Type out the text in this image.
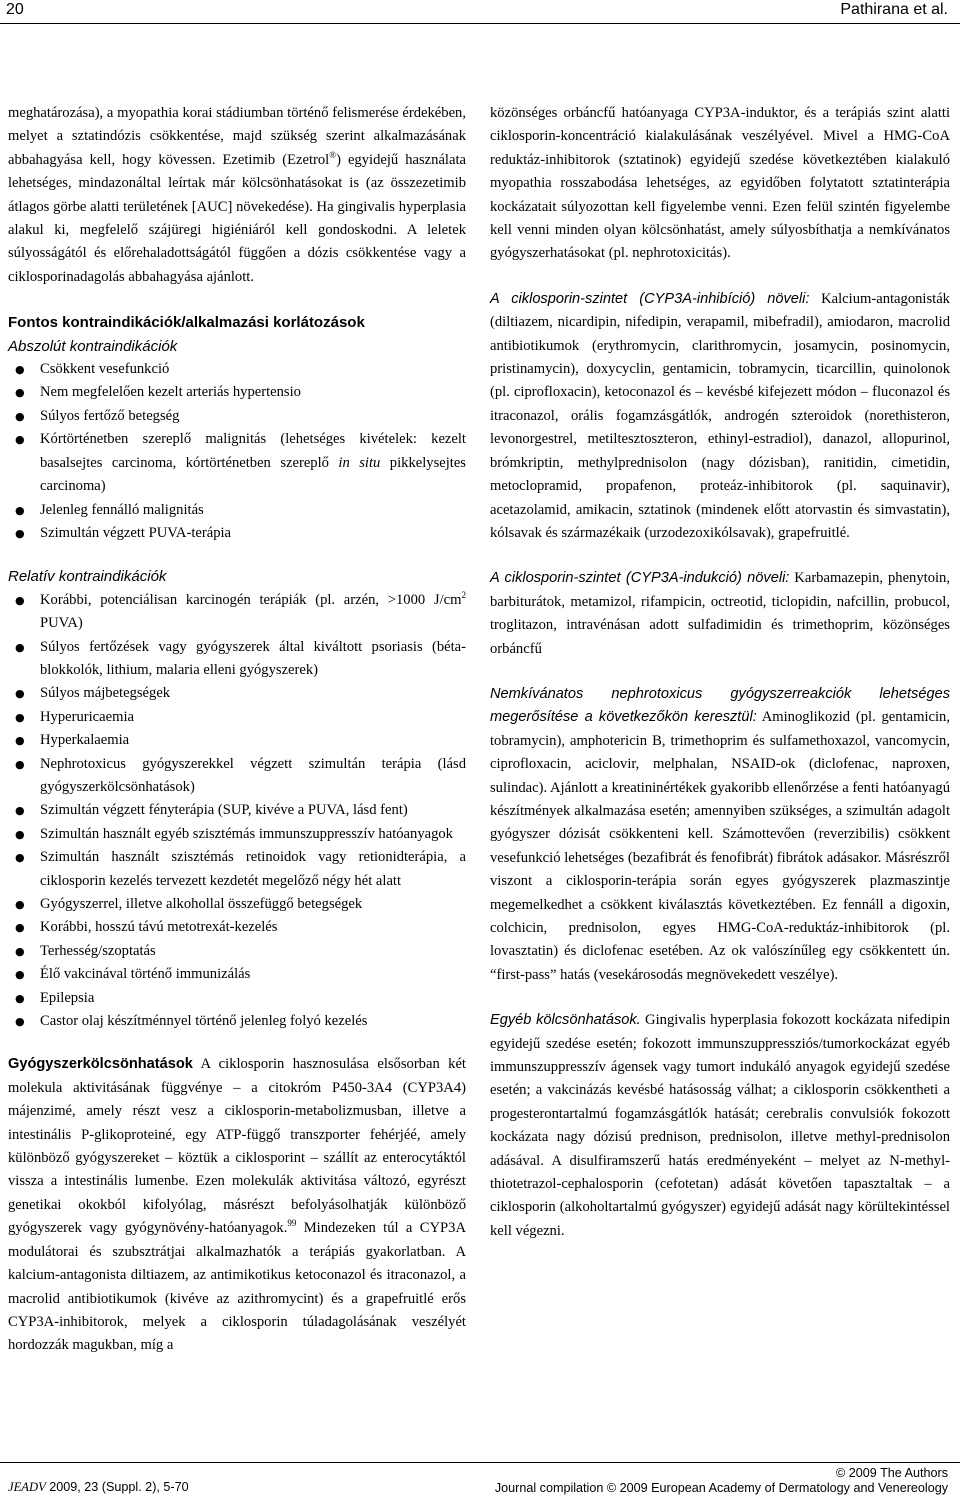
20	Pathirana et al.

meghatározása), a myopathia korai stádiumban történő felismerése érdekében, melyet a sztatindózis csökkentése, majd szükség szerint alkalmazásának abbahagyása kell, hogy kövessen. Ezetimib (Ezetrol®) egyidejű használata lehetséges, mindazonáltal leírtak már kölcsönhatásokat is (az összezetimib átlagos görbe alatti területének [AUC] növekedése). Ha gingivalis hyperplasia alakul ki, megfelelő szájüregi higiéniáról kell gondoskodni. A leletek súlyosságától és előrehaladottságától függően a dózis csökkentése vagy a ciklosporinadagolás abbahagyása ajánlott.

Fontos kontraindikációk/alkalmazási korlátozások

Abszolút kontraindikációk

● Csökkent vesefunkció
● Nem megfelelően kezelt arteriás hypertensio
● Súlyos fertőző betegség
● Kórtörténetben szereplő malignitás (lehetséges kivételek: kezelt basalsejtes carcinoma, kórtörténetben szereplő in situ pikkelysejtes carcinoma)
● Jelenleg fennálló malignitás
● Szimultán végzett PUVA-terápia

Relatív kontraindikációk

● Korábbi, potenciálisan karcinogén terápiák (pl. arzén, >1000 $J/cm^2$ PUVA)
● Súlyos fertőzések vagy gyógyszerek által kiváltott psoriasis (béta-blokkolók, lithium, malaria elleni gyógyszerek)
● Súlyos májbetegségek
● Hyperuricaemia
● Hyperkalaemia
● Nephrotoxicus gyógyszerekkel végzett szimultán terápia (lásd gyógyszerkölcsönhatások)
● Szimultán végzett fényterápia (SUP, kivéve a PUVA, lásd fent)
● Szimultán használt egyéb szisztémás immunszuppresszív hatóanyagok
● Szimultán használt szisztémás retinoidok vagy retionidterápia, a ciklosporin kezelés tervezett kezdetét megelőző négy hét alatt
● Gyógyszerrel, illetve alkohollal összefüggő betegségek
● Korábbi, hosszú távú metotrexát-kezelés
● Terhesség/szoptatás
● Élő vakcinával történő immunizálás
● Epilepsia
● Castor olaj készítménnyel történő jelenleg folyó kezelés

Gyógyszerkölcsönhatások A ciklosporin hasznosulása elsősorban két molekula aktivitásának függvénye – a citokróm P450-3A4 (CYP3A4) májenzimé, amely részt vesz a ciklosporin-metabolizmusban, illetve a intestinális P-glikoproteiné, egy ATP-függő transzporter fehérjéé, amely különböző gyógyszereket – köztük a ciklosporint – szállít az enterocytáktól vissza a intestinális lumenbe. Ezen molekulák aktivitása változó, egyrészt genetikai okokból kifolyólag, másrészt befolyásolhatják különböző gyógyszerek vagy gyógynövény-hatóanyagok.$^{99}$ Mindezeken túl a CYP3A modulátorai és szubsztrátjai alkalmazhatók a terápiás gyakorlatban. A kalcium-antagonista diltiazem, az antimikotikus ketoconazol és itraconazol, a macrolid antibiotikumok (kivéve az azithromycint) és a grapefruitlé erős CYP3A-inhibitorok, melyek a ciklosporin túladagolásának veszélyét hordozzák magukban, míg a

közönséges orbáncfű hatóanyaga CYP3A-induktor, és a terápiás szint alatti ciklosporin-koncentráció kialakulásának veszélyével. Mivel a HMG-CoA reduktáz-inhibitorok (sztatinok) egyidejű szedése következtében kialakuló myopathia rosszabodása lehetséges, az egyidőben folytatott sztatinterápia kockázatait súlyozottan kell figyelembe venni. Ezen felül szintén figyelembe kell venni minden olyan kölcsönhatást, amely súlyosbíthatja a nemkívánatos gyógyszerhatásokat (pl. nephrotoxicitás).

A ciklosporin-szintet (CYP3A-inhibíció) növeli: Kalcium-antagonisták (diltiazem, nicardipin, nifedipin, verapamil, mibefradil), amiodaron, macrolid antibiotikumok (erythromycin, clarithromycin, josamycin, posinomycin, pristinamycin), doxycyclin, gentamicin, tobramycin, ticarcillin, quinolonok (pl. ciprofloxacin), ketoconazol és – kevésbé kifejezett módon – fluconazol és itraconazol, orális fogamzásgátlók, androgén szteroidok (norethisteron, levonorgestrel, metiltesztoszteron, ethinyl-estradiol), danazol, allopurinol, brómkriptin, methylprednisolon (nagy dózisban), ranitidin, cimetidin, metoclopramid, propafenon, proteáz-inhibitorok (pl. saquinavir), acetazolamid, amikacin, sztatinok (mindenek előtt atorvastin és simvastatin), kólsavak és származékaik (urzodezoxikólsavak), grapefruitlé.

A ciklosporin-szintet (CYP3A-indukció) növeli: Karbamazepin, phenytoin, barbiturátok, metamizol, rifampicin, octreotid, ticlopidin, nafcillin, probucol, troglitazon, intravénásan adott sulfadimidin és trimethoprim, közönséges orbáncfű

Nemkívánatos nephrotoxicus gyógyszerreakciók lehetséges megerősítése a következőkön keresztül: Aminoglikozid (pl. gentamicin, tobramycin), amphotericin B, trimethoprim és sulfamethoxazol, vancomycin, ciprofloxacin, aciclovir, melphalan, NSAID-ok (diclofenac, naproxen, sulindac). Ajánlott a kreatininértékek gyakoribb ellenőrzése a fenti hatóanyagú készítmények alkalmazása esetén; amennyiben szükséges, a szimultán adagolt gyógyszer dózisát csökkenteni kell. Számottevően (reverzibilis) csökkent vesefunkció lehetséges (bezafibrát és fenofibrát) fibrátok adásakor. Másrészről viszont a ciklosporin-terápia során egyes gyógyszerek plazmaszintje megemelkedhet a csökkent kiválasztás következtében. Ez fennáll a digoxin, colchicin, prednisolon, egyes HMG-CoA-reduktáz-inhibitorok (pl. lovasztatin) és diclofenac esetében. Az ok valószínűleg egy csökkentett ún. “first-pass” hatás (vesekárosodás megnövekedett veszélye).

Egyéb kölcsönhatások. Gingivalis hyperplasia fokozott kockázata nifedipin egyidejű szedése esetén; fokozott immunszuppressziós/tumorkockázat egyéb immunszuppresszív ágensek vagy tumort indukáló anyagok egyidejű szedése esetén; a vakcinázás kevésbé hatásosság válhat; a ciklosporin csökkentheti a progesterontartalmú fogamzásgátlók hatását; cerebralis convulsiók fokozott kockázata nagy dózisú prednison, prednisolon, illetve methyl-prednisolon adásával. A disulfiramszerű hatás eredményeként – melyet az N-methyl-thiotetrazol-cephalosporin (cefotetan) adását követően tapasztaltak – a ciklosporin (alkoholtartalmú gyógyszer) egyidejű adását nagy körültekintéssel kell végezni.

JEADV 2009, 23 (Suppl. 2), 5-70
© 2009 The Authors
Journal compilation © 2009 European Academy of Dermatology and Venereology
